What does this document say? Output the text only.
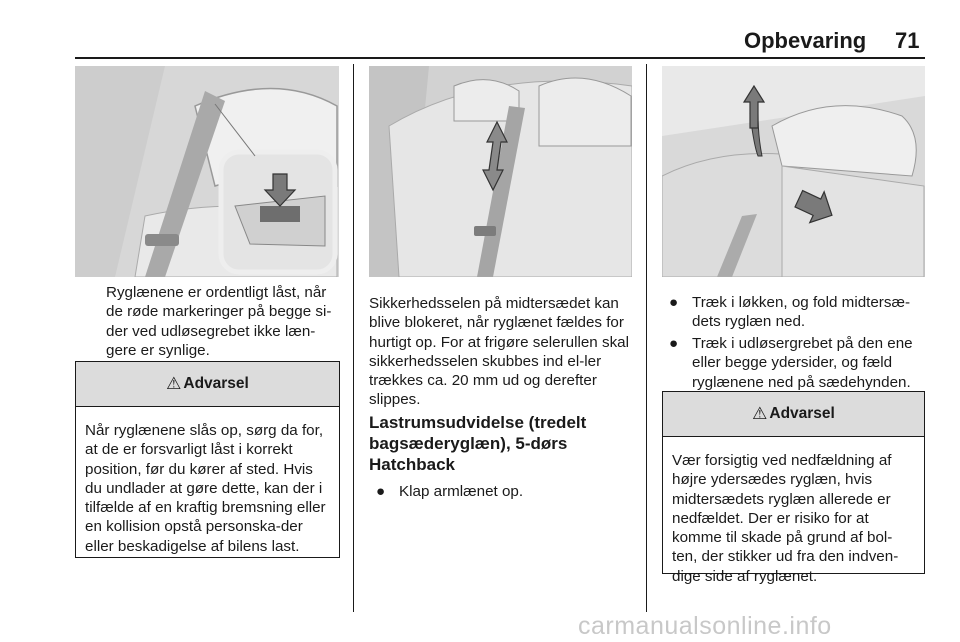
Opbevaring 71

Ryglænene er ordentligt låst, når de røde markeringer på begge si-der ved udløsegrebet ikke læn-gere er synlige.

⚠ Advarsel
Når ryglænene slås op, sørg da for, at de er forsvarligt låst i korrekt position, før du kører af sted. Hvis du undlader at gøre dette, kan der i tilfælde af en kraftig bremsning eller en kollision opstå personska-der eller beskadigelse af bilens last.

Sikkerhedsselen på midtersædet kan blive blokeret, når ryglænet fældes for hurtigt op. For at frigøre selerullen skal sikkerhedsselen skubbes ind el-ler trækkes ca. 20 mm ud og derefter slippes.

Lastrumsudvidelse (tredelt bagsæderyglæn), 5-dørs Hatchback
● Klap armlænet op.
● Træk i løkken, og fold midtersæ-dets ryglæn ned.
● Træk i udløsergrebet på den ene eller begge ydersider, og fæld ryglænene ned på sædehynden.
⚠ Advarsel
Vær forsigtig ved nedfældning af højre ydersædes ryglæn, hvis midtersædets ryglæn allerede er nedfældet. Der er risiko for at komme til skade på grund af bol-ten, der stikker ud fra den indven-dige side af ryglænet.
carmanualsonline.info
